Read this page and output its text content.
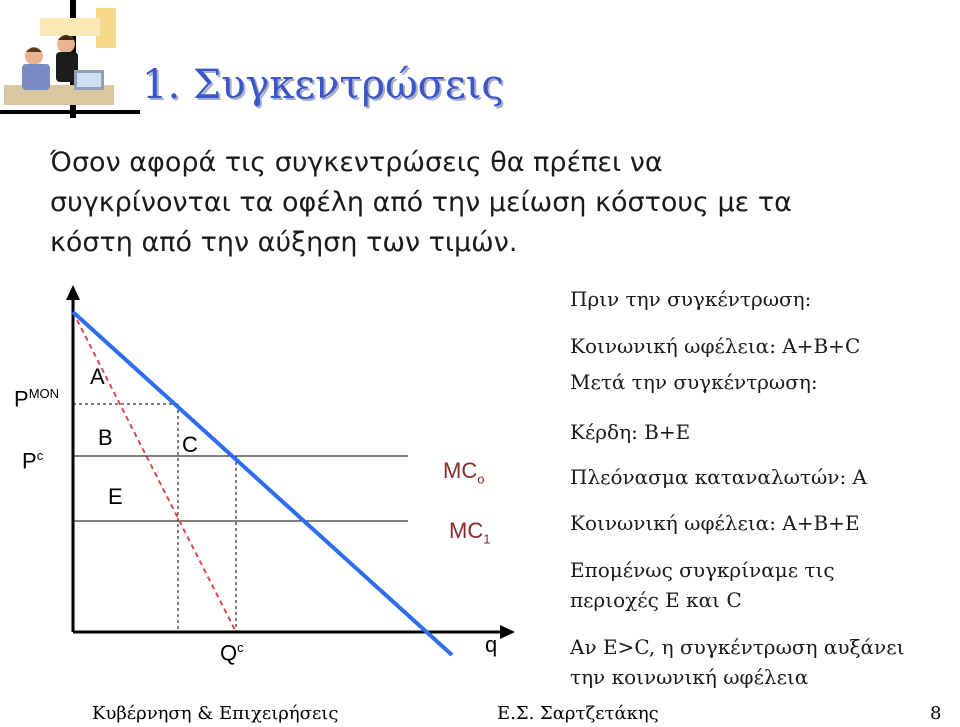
1. Συγκεντρώσεις
Όσον αφορά τις συγκεντρώσεις θα πρέπει να
συγκρίνονται τα οφέλη από την μείωση κόστους με τα
κόστη από την αύξηση των τιμών.
$P^{MON}$
$P^c$
A
B	C
E
$MC_o$
$MC_1$
$Q^c$	q
Πριν την συγκέντρωση:
Κοινωνική ωφέλεια: A+B+C
Μετά την συγκέντρωση:
Κέρδη: B+E
Πλεόνασμα καταναλωτών: A
Κοινωνική ωφέλεια: A+B+E
Επομένως συγκρίναμε τις
περιοχές E και C
Αν E>C, η συγκέντρωση αυξάνει
την κοινωνική ωφέλεια
Κυβέρνηση & Επιχειρήσεις	Ε.Σ. Σαρτζετάκης	8
